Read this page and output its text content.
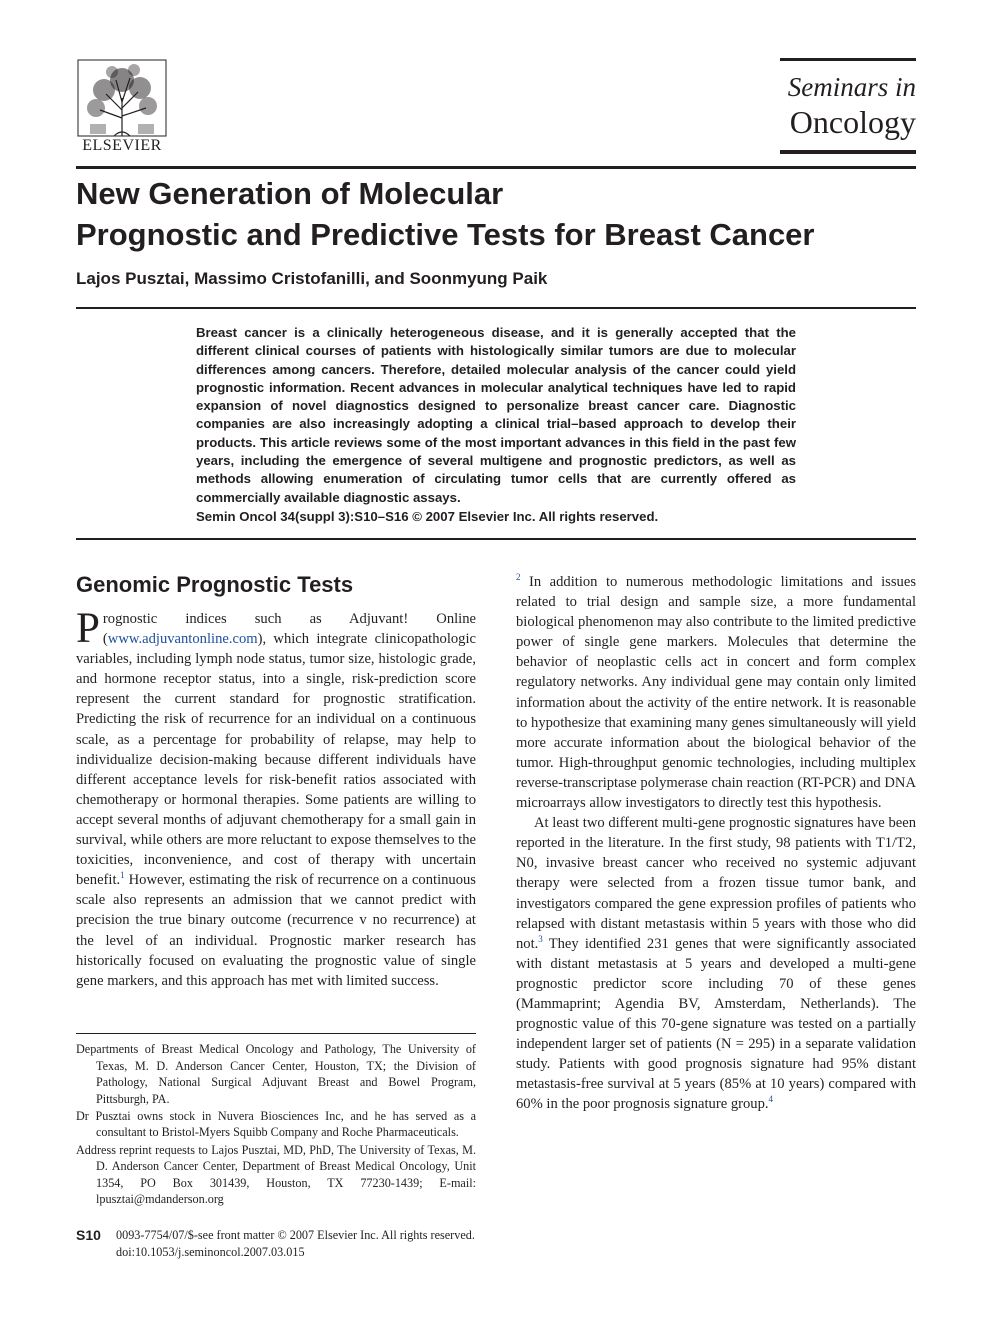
ELSEVIER
Seminars in
Oncology
New Generation of Molecular
Prognostic and Predictive Tests for Breast Cancer
Lajos Pusztai, Massimo Cristofanilli, and Soonmyung Paik
Breast cancer is a clinically heterogeneous disease, and it is generally accepted that the different clinical courses of patients with histologically similar tumors are due to molecular differences among cancers. Therefore, detailed molecular analysis of the cancer could yield prognostic information. Recent advances in molecular analytical techniques have led to rapid expansion of novel diagnostics designed to personalize breast cancer care. Diagnostic companies are also increasingly adopting a clinical trial–based approach to develop their products. This article reviews some of the most important advances in this field in the past few years, including the emergence of several multigene and prognostic predictors, as well as methods allowing enumeration of circulating tumor cells that are currently offered as commercially available diagnostic assays.
Semin Oncol 34(suppl 3):S10–S16 © 2007 Elsevier Inc. All rights reserved.
Genomic Prognostic Tests

Prognostic indices such as Adjuvant! Online (www.adjuvantonline.com), which integrate clinicopathologic variables, including lymph node status, tumor size, histologic grade, and hormone receptor status, into a single, risk-prediction score represent the current standard for prognostic stratification. Predicting the risk of recurrence for an individual on a continuous scale, as a percentage for probability of relapse, may help to individualize decision-making because different individuals have different acceptance levels for risk-benefit ratios associated with chemotherapy or hormonal therapies. Some patients are willing to accept several months of adjuvant chemotherapy for a small gain in survival, while others are more reluctant to expose themselves to the toxicities, inconvenience, and cost of therapy with uncertain benefit.$^1$ However, estimating the risk of recurrence on a continuous scale also represents an admission that we cannot predict with precision the true binary outcome (recurrence v no recurrence) at the level of an individual. Prognostic marker research has historically focused on evaluating the prognostic value of single gene markers, and this approach has met with limited success.

$^2$ In addition to numerous methodologic limitations and issues related to trial design and sample size, a more fundamental biological phenomenon may also contribute to the limited predictive power of single gene markers. Molecules that determine the behavior of neoplastic cells act in concert and form complex regulatory networks. Any individual gene may contain only limited information about the activity of the entire network. It is reasonable to hypothesize that examining many genes simultaneously will yield more accurate information about the biological behavior of the tumor. High-throughput genomic technologies, including multiplex reverse-transcriptase polymerase chain reaction (RT-PCR) and DNA microarrays allow investigators to directly test this hypothesis.

At least two different multi-gene prognostic signatures have been reported in the literature. In the first study, 98 patients with T1/T2, N0, invasive breast cancer who received no systemic adjuvant therapy were selected from a frozen tissue tumor bank, and investigators compared the gene expression profiles of patients who relapsed with distant metastasis within 5 years with those who did not.$^3$ They identified 231 genes that were significantly associated with distant metastasis at 5 years and developed a multi-gene prognostic predictor score including 70 of these genes (Mammaprint; Agendia BV, Amsterdam, Netherlands). The prognostic value of this 70-gene signature was tested on a partially independent larger set of patients (N = 295) in a separate validation study. Patients with good prognosis signature had 95% distant metastasis-free survival at 5 years (85% at 10 years) compared with 60% in the poor prognosis signature group.$^4$

Departments of Breast Medical Oncology and Pathology, The University of Texas, M. D. Anderson Cancer Center, Houston, TX; the Division of Pathology, National Surgical Adjuvant Breast and Bowel Program, Pittsburgh, PA.

Dr Pusztai owns stock in Nuvera Biosciences Inc, and he has served as a consultant to Bristol-Myers Squibb Company and Roche Pharmaceuticals.

Address reprint requests to Lajos Pusztai, MD, PhD, The University of Texas, M. D. Anderson Cancer Center, Department of Breast Medical Oncology, Unit 1354, PO Box 301439, Houston, TX 77230-1439; E-mail: lpusztai@mdanderson.org

S10 0093-7754/07/$-see front matter © 2007 Elsevier Inc. All rights reserved.
doi:10.1053/j.seminoncol.2007.03.015
